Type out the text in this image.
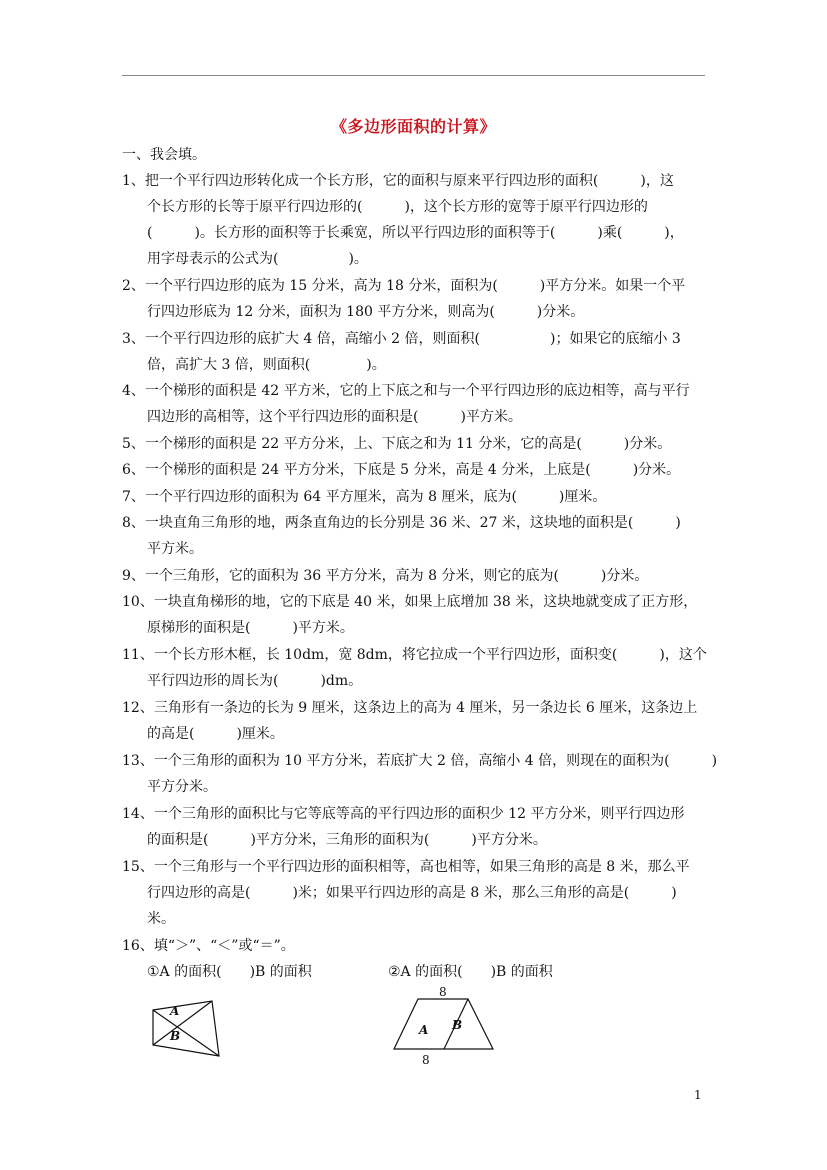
《多边形面积的计算》
一、我会填。
1、把一个平行四边形转化成一个长方形，它的面积与原来平行四边形的面积(　　　)，这
个长方形的长等于原平行四边形的(　　　)，这个长方形的宽等于原平行四边形的
(　　　)。长方形的面积等于长乘宽，所以平行四边形的面积等于(　　　)乘(　　　)，
用字母表示的公式为(　　　　　)。
2、一个平行四边形的底为 15 分米，高为 18 分米，面积为(　　　)平方分米。如果一个平
行四边形底为 12 分米，面积为 180 平方分米，则高为(　　　)分米。
3、一个平行四边形的底扩大 4 倍，高缩小 2 倍，则面积(　　　　　)；如果它的底缩小 3
倍，高扩大 3 倍，则面积(　　　　)。
4、一个梯形的面积是 42 平方米，它的上下底之和与一个平行四边形的底边相等，高与平行
四边形的高相等，这个平行四边形的面积是(　　　)平方米。
5、一个梯形的面积是 22 平方分米，上、下底之和为 11 分米，它的高是(　　　)分米。
6、一个梯形的面积是 24 平方分米，下底是 5 分米，高是 4 分米，上底是(　　　)分米。
7、一个平行四边形的面积为 64 平方厘米，高为 8 厘米，底为(　　　)厘米。
8、一块直角三角形的地，两条直角边的长分别是 36 米、27 米，这块地的面积是(　　　)
平方米。
9、一个三角形，它的面积为 36 平方分米，高为 8 分米，则它的底为(　　　)分米。
10、一块直角梯形的地，它的下底是 40 米，如果上底增加 38 米，这块地就变成了正方形，
原梯形的面积是(　　　)平方米。
11、一个长方形木框，长 10dm，宽 8dm，将它拉成一个平行四边形，面积变(　　　)，这个
平行四边形的周长为(　　　)dm。
12、三角形有一条边的长为 9 厘米，这条边上的高为 4 厘米，另一条边长 6 厘米，这条边上
的高是(　　　)厘米。
13、一个三角形的面积为 10 平方分米，若底扩大 2 倍，高缩小 4 倍，则现在的面积为(　　　)
平方分米。
14、一个三角形的面积比与它等底等高的平行四边形的面积少 12 平方分米，则平行四边形
的面积是(　　　)平方分米，三角形的面积为(　　　)平方分米。
15、一个三角形与一个平行四边形的面积相等，高也相等，如果三角形的高是 8 米，那么平
行四边形的高是(　　　)米；如果平行四边形的高是 8 米，那么三角形的高是(　　　)
米。
16、填“＞”、“＜”或“＝”。
①A 的面积(　　)B 的面积	②A 的面积(　　)B 的面积
A
B
8
8
A B
1
